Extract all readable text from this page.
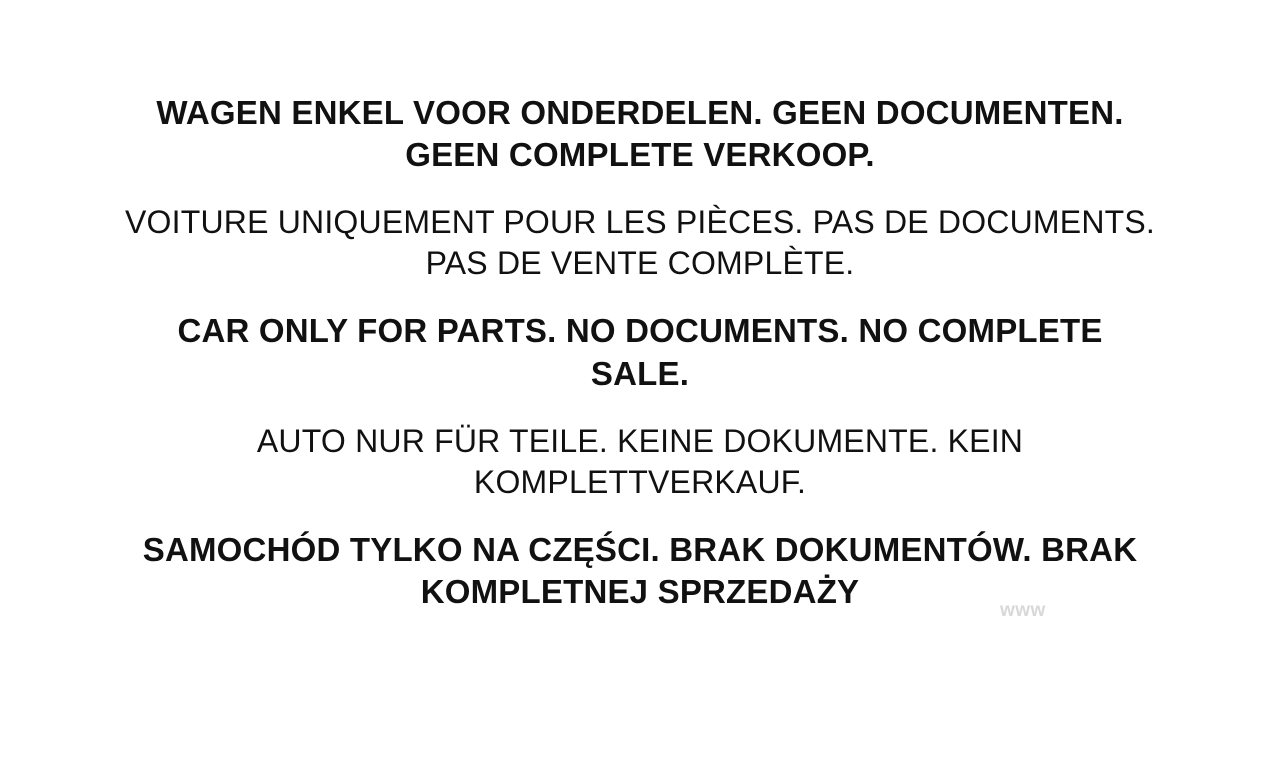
WAGEN ENKEL VOOR ONDERDELEN. GEEN DOCUMENTEN. GEEN COMPLETE VERKOOP.

VOITURE UNIQUEMENT POUR LES PIÈCES. PAS DE DOCUMENTS. PAS DE VENTE COMPLÈTE.

CAR ONLY FOR PARTS. NO DOCUMENTS. NO COMPLETE SALE.

AUTO NUR FÜR TEILE. KEINE DOKUMENTE. KEIN KOMPLETTVERKAUF.

SAMOCHÓD TYLKO NA CZĘŚCI. BRAK DOKUMENTÓW. BRAK KOMPLETNEJ SPRZEDAŻY

www
